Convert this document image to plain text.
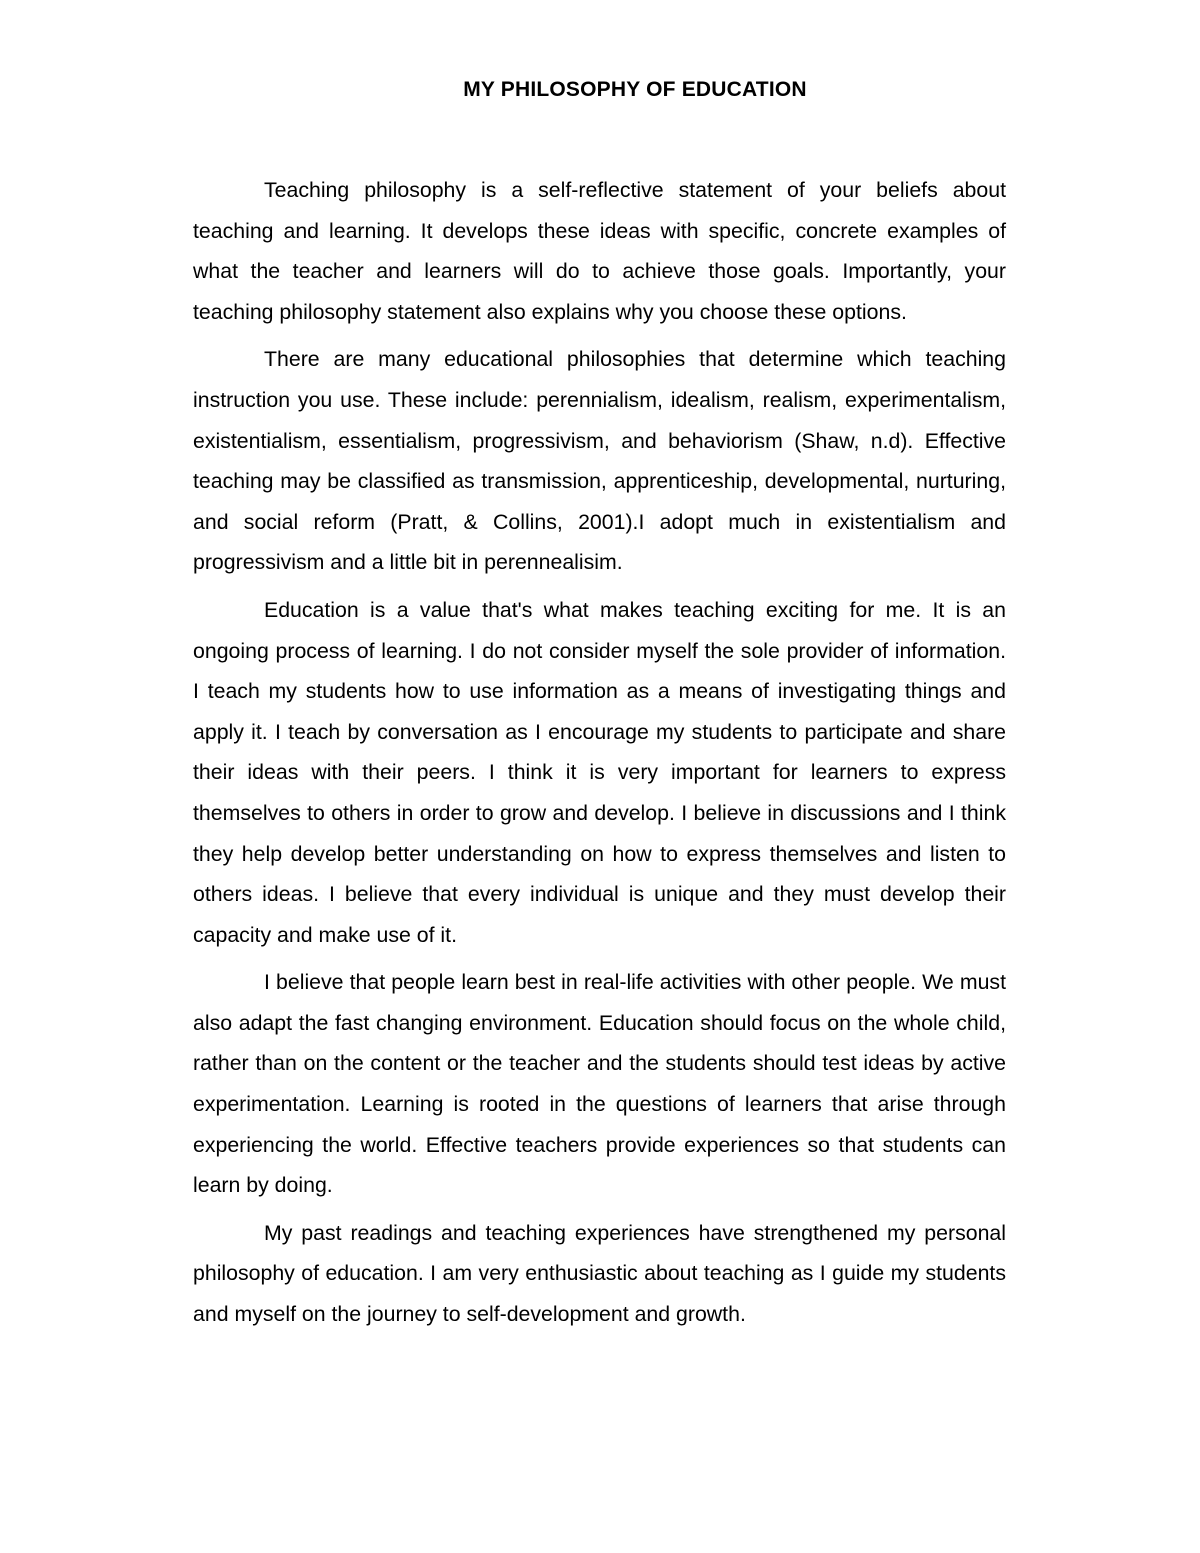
MY PHILOSOPHY OF EDUCATION

Teaching philosophy is a self-reflective statement of your beliefs about teaching and learning. It develops these ideas with specific, concrete examples of what the teacher and learners will do to achieve those goals. Importantly, your teaching philosophy statement also explains why you choose these options.

There are many educational philosophies that determine which teaching instruction you use. These include: perennialism, idealism, realism, experimentalism, existentialism, essentialism, progressivism, and behaviorism (Shaw, n.d). Effective teaching may be classified as transmission, apprenticeship, developmental, nurturing, and social reform (Pratt, & Collins, 2001).I adopt much in existentialism and progressivism and a little bit in perennealisim.

Education is a value that's what makes teaching exciting for me. It is an ongoing process of learning. I do not consider myself the sole provider of information. I teach my students how to use information as a means of investigating things and apply it. I teach by conversation as I encourage my students to participate and share their ideas with their peers. I think it is very important for learners to express themselves to others in order to grow and develop. I believe in discussions and I think they help develop better understanding on how to express themselves and listen to others ideas. I believe that every individual is unique and they must develop their capacity and make use of it.

I believe that people learn best in real-life activities with other people. We must also adapt the fast changing environment. Education should focus on the whole child, rather than on the content or the teacher and the students should test ideas by active experimentation. Learning is rooted in the questions of learners that arise through experiencing the world. Effective teachers provide experiences so that students can learn by doing.

My past readings and teaching experiences have strengthened my personal philosophy of education. I am very enthusiastic about teaching as I guide my students and myself on the journey to self-development and growth.
